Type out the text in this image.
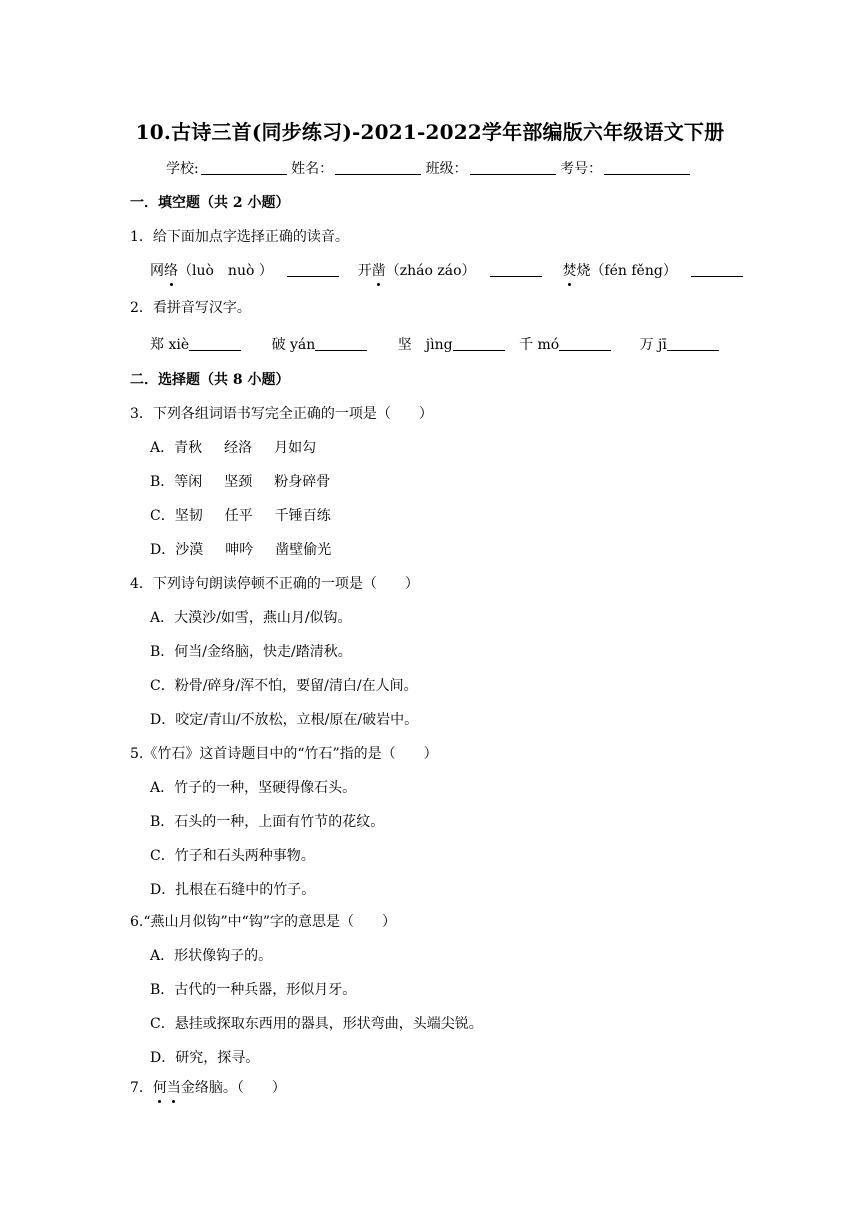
10.古诗三首(同步练习)-2021-2022学年部编版六年级语文下册
学校:	姓名：	班级：	考号：
一．填空题（共 2 小题）
1．给下面加点字选择正确的读音。
网络（luò　nuò ）	开凿（zháo záo）	焚烧（fén fěng）
2．看拼音写汉字。
郑 xiè	破 yán	坚　jìng	千 mó	万 jī
二．选择题（共 8 小题）
3．下列各组词语书写完全正确的一项是（　　）
A．青秋 经洛 月如勾
B．等闲 坚颈 粉身碎骨
C．坚韧 任平 千锤百练
D．沙漠 呻吟 凿壁偷光
4．下列诗句朗读停顿不正确的一项是（　　）
A．大漠沙/如雪，燕山月/似钩。
B．何当/金络脑，快走/踏清秋。
C．粉骨/碎身/浑不怕，要留/清白/在人间。
D．咬定/青山/不放松，立根/原在/破岩中。
5.《竹石》这首诗题目中的“竹石”指的是（　　）
A．竹子的一种，坚硬得像石头。
B．石头的一种，上面有竹节的花纹。
C．竹子和石头两种事物。
D．扎根在石缝中的竹子。
6.“燕山月似钩”中“钩”字的意思是（　　）
A．形状像钩子的。
B．古代的一种兵器，形似月牙。
C．悬挂或探取东西用的器具，形状弯曲，头端尖锐。
D．研究，探寻。
7．何当金络脑。（　　）
